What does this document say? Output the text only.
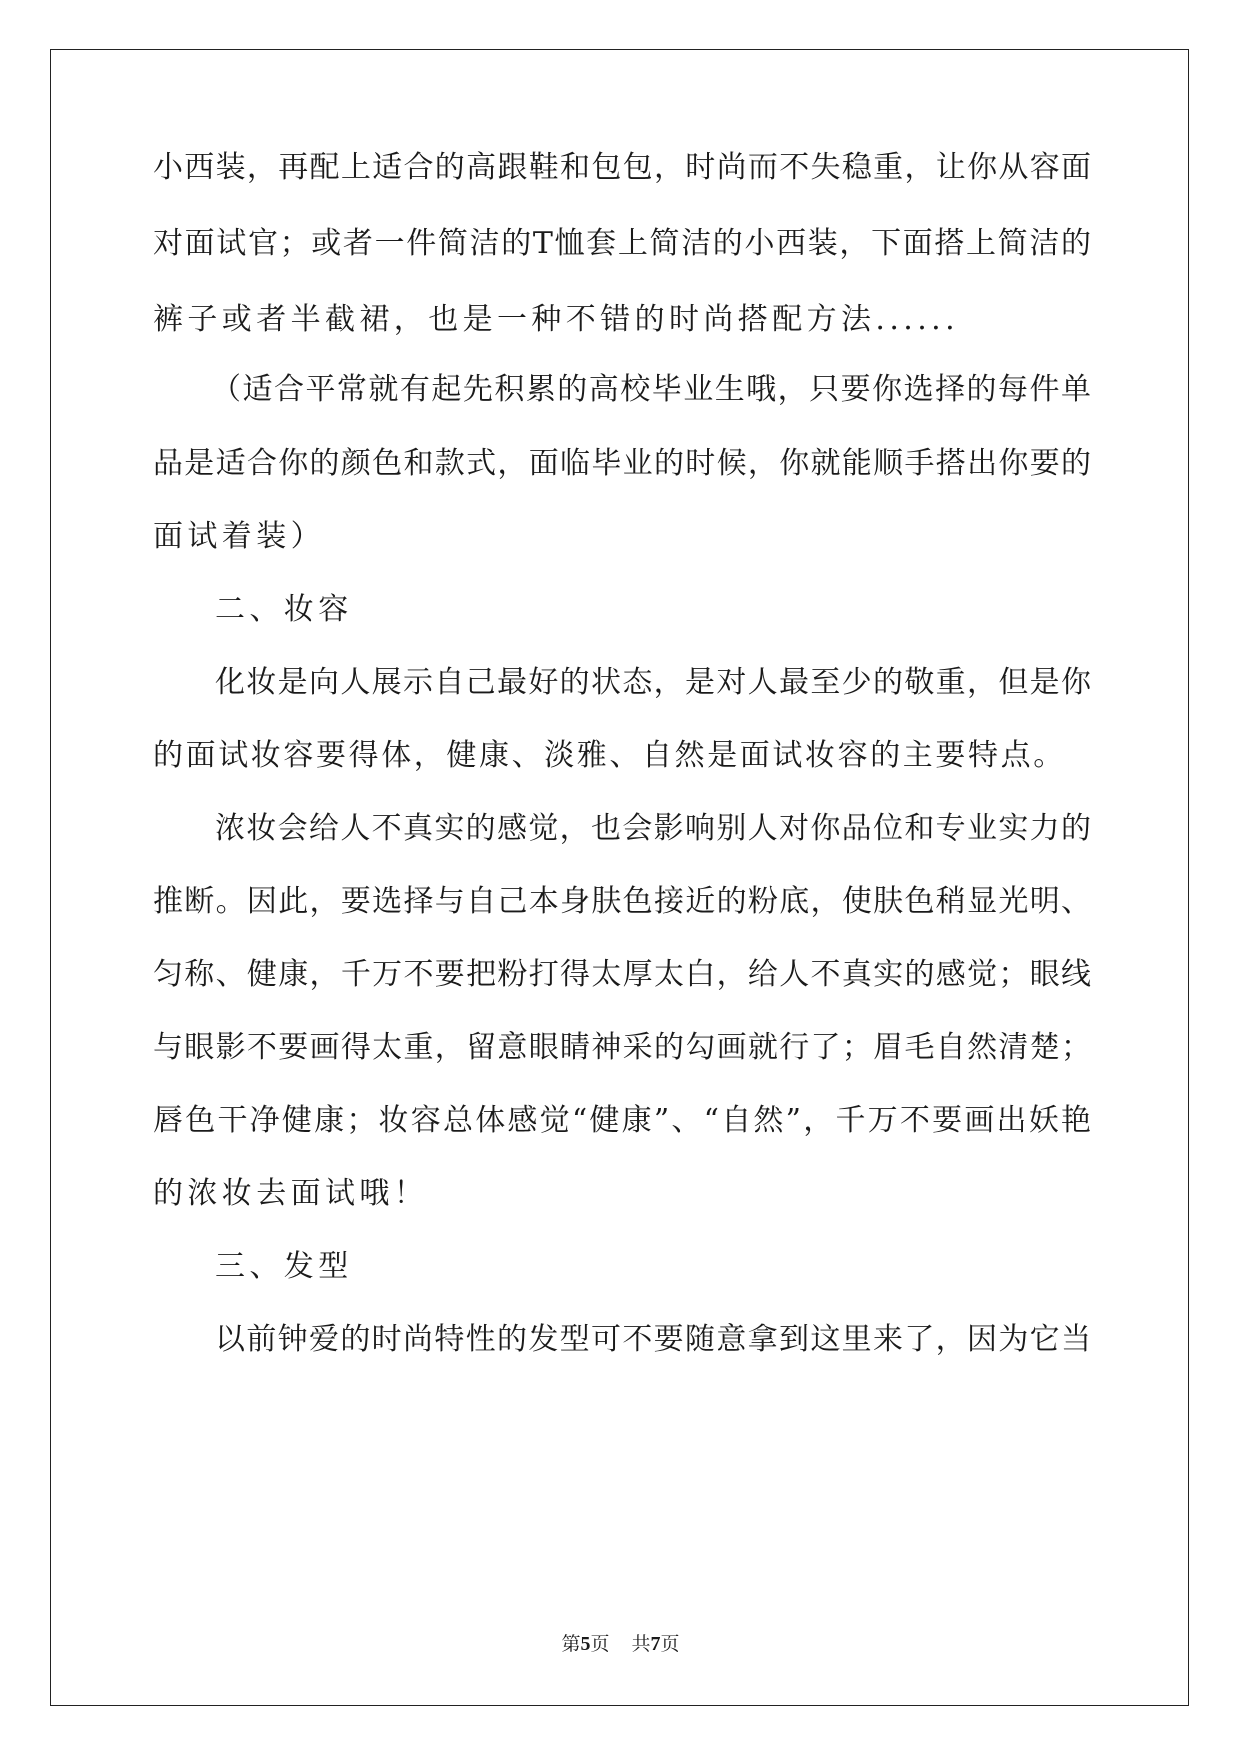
小西装，再配上适合的高跟鞋和包包，时尚而不失稳重，让你从容面
对面试官；或者一件简洁的T恤套上简洁的小西装，下面搭上简洁的
裤子或者半截裙，也是一种不错的时尚搭配方法......
（适合平常就有起先积累的高校毕业生哦，只要你选择的每件单
品是适合你的颜色和款式，面临毕业的时候，你就能顺手搭出你要的
面试着装）
二、妆容
化妆是向人展示自己最好的状态，是对人最至少的敬重，但是你
的面试妆容要得体，健康、淡雅、自然是面试妆容的主要特点。
浓妆会给人不真实的感觉，也会影响别人对你品位和专业实力的
推断。因此，要选择与自己本身肤色接近的粉底，使肤色稍显光明、
匀称、健康，千万不要把粉打得太厚太白，给人不真实的感觉；眼线
与眼影不要画得太重，留意眼睛神采的勾画就行了；眉毛自然清楚；
唇色干净健康；妆容总体感觉“健康”、“自然”，千万不要画出妖艳
的浓妆去面试哦！
三、发型
以前钟爱的时尚特性的发型可不要随意拿到这里来了，因为它当
第5页 共7页
